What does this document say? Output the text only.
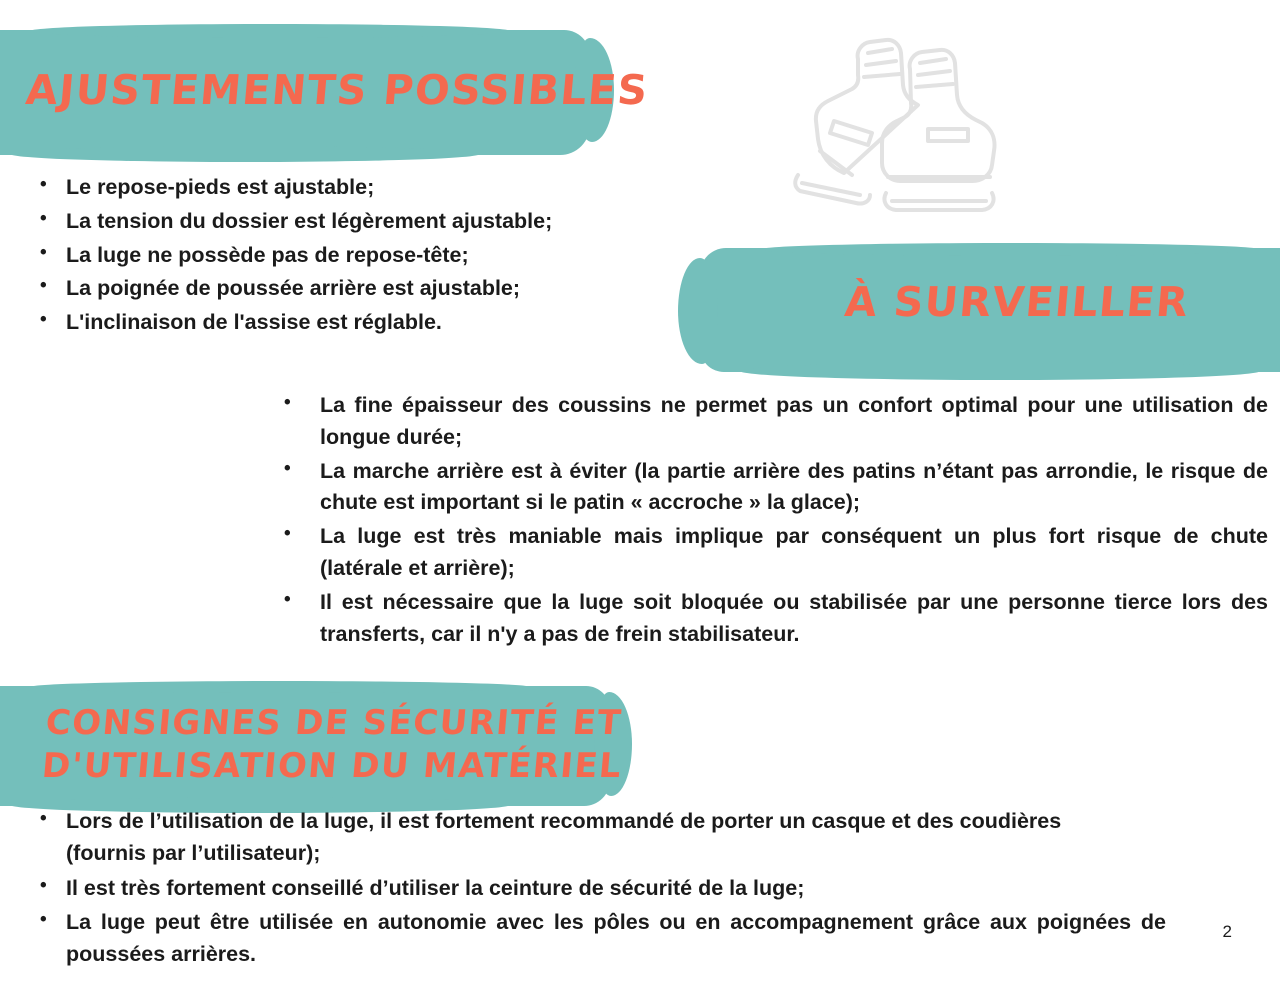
AJUSTEMENTS POSSIBLES
• Le repose-pieds est ajustable;
• La tension du dossier est légèrement ajustable;
• La luge ne possède pas de repose-tête;
• La poignée de poussée arrière est ajustable;
• L'inclinaison de l'assise est réglable.	À SURVEILLER
• La fine épaisseur des coussins ne permet pas un confort optimal pour une utilisation de longue durée;
• La marche arrière est à éviter (la partie arrière des patins n’étant pas arrondie, le risque de chute est important si le patin « accroche » la glace);
• La luge est très maniable mais implique par conséquent un plus fort risque de chute (latérale et arrière);
• Il est nécessaire que la luge soit bloquée ou stabilisée par une personne tierce lors des transferts, car il n'y a pas de frein stabilisateur.
CONSIGNES DE SÉCURITÉ ET
D'UTILISATION DU MATÉRIEL
• Lors de l’utilisation de la luge, il est fortement recommandé de porter un casque et des coudières (fournis par l’utilisateur);
• Il est très fortement conseillé d’utiliser la ceinture de sécurité de la luge;
• La luge peut être utilisée en autonomie avec les pôles ou en accompagnement grâce aux poignées de poussées arrières.
2
